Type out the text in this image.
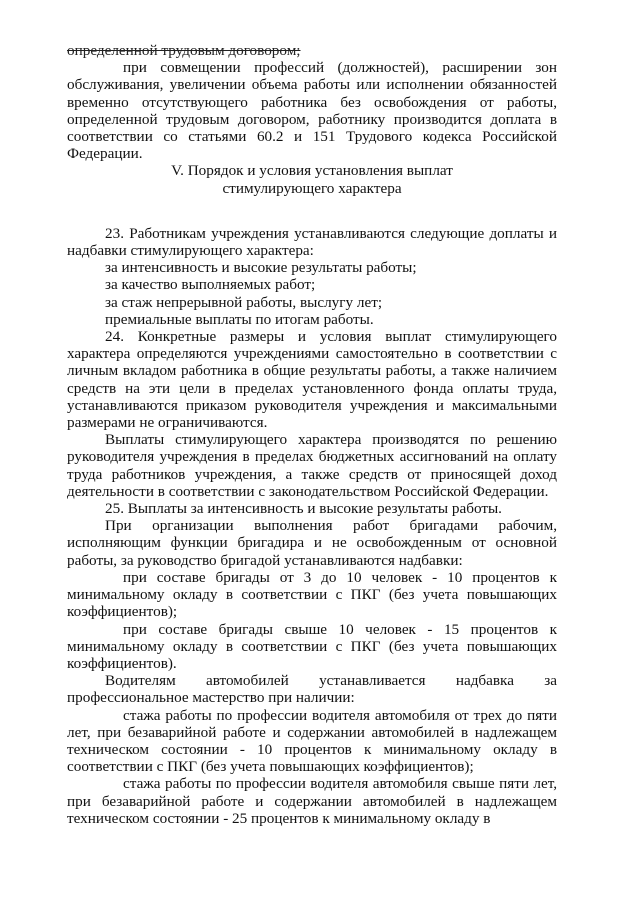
определенной трудовым договором;

при совмещении профессий (должностей), расширении зон обслуживания, увеличении объема работы или исполнении обязанностей временно отсутствующего работника без освобождения от работы, определенной трудовым договором, работнику производится доплата в соответствии со статьями 60.2 и 151 Трудового кодекса Российской Федерации.

V. Порядок и условия установления выплат

стимулирующего характера

23. Работникам учреждения устанавливаются следующие доплаты и надбавки стимулирующего характера:

за интенсивность и высокие результаты работы;

за качество выполняемых работ;

за стаж непрерывной работы, выслугу лет;

премиальные выплаты по итогам работы.

24. Конкретные размеры и условия выплат стимулирующего характера определяются учреждениями самостоятельно в соответствии с личным вкладом работника в общие результаты работы, а также наличием средств на эти цели в пределах установленного фонда оплаты труда, устанавливаются приказом руководителя учреждения и максимальными размерами не ограничиваются.

Выплаты стимулирующего характера производятся по решению руководителя учреждения в пределах бюджетных ассигнований на оплату труда работников учреждения, а также средств от приносящей доход деятельности в соответствии с законодательством Российской Федерации.

25. Выплаты за интенсивность и высокие результаты работы.

При организации выполнения работ бригадами рабочим, исполняющим функции бригадира и не освобожденным от основной работы, за руководство бригадой устанавливаются надбавки:

при составе бригады от 3 до 10 человек - 10 процентов к минимальному окладу в соответствии с ПКГ (без учета повышающих коэффициентов);

при составе бригады свыше 10 человек - 15 процентов к минимальному окладу в соответствии с ПКГ (без учета повышающих коэффициентов).

Водителям автомобилей устанавливается надбавка за профессиональное мастерство при наличии:

стажа работы по профессии водителя автомобиля от трех до пяти лет, при безаварийной работе и содержании автомобилей в надлежащем техническом состоянии - 10 процентов к минимальному окладу в соответствии с ПКГ (без учета повышающих коэффициентов);

стажа работы по профессии водителя автомобиля свыше пяти лет, при безаварийной работе и содержании автомобилей в надлежащем техническом состоянии - 25 процентов к минимальному окладу в
